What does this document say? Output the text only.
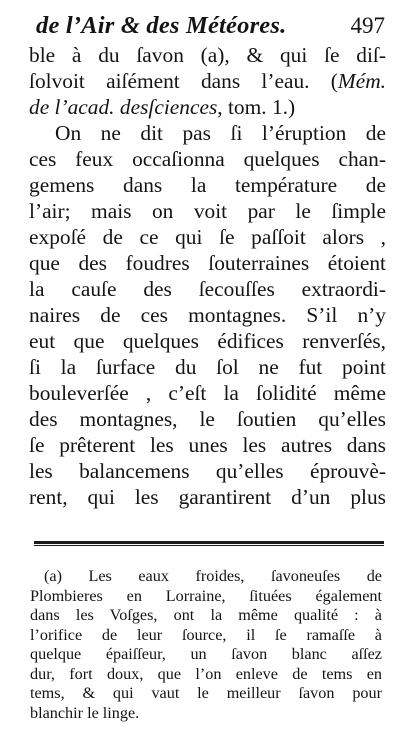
de l’Air & des Météores.	497
ble à du ſavon (a), & qui ſe diſ-
ſolvoit aiſément dans l’eau. (Mém.
de l’acad. desſciences, tom. 1.)
On ne dit pas ſi l’éruption de
ces feux occaſionna quelques chan-
gemens dans la température de
l’air; mais on voit par le ſimple
expoſé de ce qui ſe paſſoit alors ,
que des foudres ſouterraines étoient
la cauſe des ſecouſſes extraordi-
naires de ces montagnes. S’il n’y
eut que quelques édifices renverſés,
ſi la ſurface du ſol ne fut point
bouleverſée , c’eſt la ſolidité même
des montagnes, le ſoutien qu’elles
ſe prêterent les unes les autres dans
les balancemens qu’elles éprouvè-
rent, qui les garantirent d’un plus
(a) Les eaux froides, ſavoneuſes de
Plombieres en Lorraine, ſituées également
dans les Voſges, ont la même qualité : à
l’orifice de leur ſource, il ſe ramaſſe à
quelque épaiſſeur, un ſavon blanc aſſez
dur, fort doux, que l’on enleve de tems en
tems, & qui vaut le meilleur ſavon pour
blanchir le linge.
